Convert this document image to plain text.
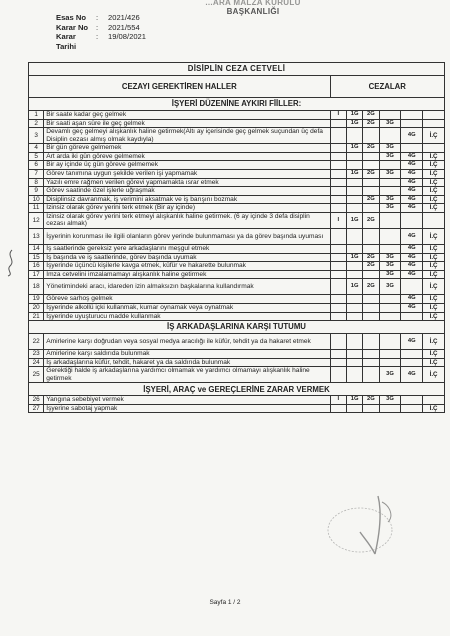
...ARA MALZA KURULU
BAŞKANLIĞI
Esas No	:	2021/426
Karar No	:	2021/554
Karar Tarihi
:	19/08/2021
DİSİPLİN CEZA CETVELİ							
CEZAYI GEREKTİREN HALLER		CEZALAR					
İŞYERİ DÜZENİNE AYKIRI FİİLLER:							
1	Bir saate kadar geç gelmek	I	1G	2G			
2	Bir saati aşan süre ile geç gelmek		1G	2G	3G		
3	Devamlı geç gelmeyi alışkanlık haline getirmek(Altı ay içerisinde geç gelmek suçundan üç defa Disiplin cezası almış olmak kaydıyla)					4G	İ.Ç
4	Bir gün göreve gelmemek		1G	2G	3G		
5	Art arda iki gün göreve gelmemek				3G	4G	İ.Ç
6	Bir ay içinde üç gün göreve gelmemek					4G	İ.Ç
7	Görev tanımına uygun şekilde verilen işi yapmamak		1G	2G	3G	4G	İ.Ç
8	Yazılı emre rağmen verilen görevi yapmamakta ısrar etmek					4G	İ.Ç
9	Görev saatinde özel işlerle uğraşmak					4G	İ.Ç
10	Disiplinsiz davranmak, iş verimini aksatmak ve iş barışını bozmak			2G	3G	4G	İ.Ç
11	İzinsiz olarak görev yerini terk etmek (Bir ay içinde)				3G	4G	İ.Ç
12	İzinsiz olarak görev yerini terk etmeyi alışkanlık haline getirmek. (6 ay içinde 3 defa disiplin cezası almak)	I	1G	2G			
13	İşyerinin korunması ile ilgili olanların görev yerinde bulunmaması ya da görev başında uyuması					4G	İ.Ç
14	İş saatlerinde gereksiz yere arkadaşlarını meşgul etmek					4G	İ.Ç
15	İş başında ve iş saatlerinde, görev başında uyumak		1G	2G	3G	4G	İ.Ç
16	İşyerinde üçüncü kişilerle kavga etmek, küfür ve hakarette bulunmak			2G	3G	4G	İ.Ç
17	İmza cetvelini imzalamamayı alışkanlık haline getirmek				3G	4G	İ.Ç
18	Yönetimindeki aracı, idareden izin almaksızın başkalarına kullandırmak		1G	2G	3G		İ.Ç
19	Göreve sarhoş gelmek					4G	İ.Ç
20	İşyerinde alkollü içki kullanmak, kumar oynamak veya oynatmak					4G	İ.Ç
21	İşyerinde uyuşturucu madde kullanmak						İ.Ç
İŞ ARKADAŞLARINA KARŞI TUTUMU							
22	Amirlerine karşı doğrudan veya sosyal medya aracılığı ile küfür, tehdit ya da hakaret etmek					4G	İ.Ç
23	Amirlerine karşı saldırıda bulunmak						İ.Ç
24	İş arkadaşlarına küfür, tehdit, hakaret ya da saldırıda bulunmak						İ.Ç
25	Gerektiği halde iş arkadaşlarına yardımcı olmamak ve yardımcı olmamayı alışkanlık haline getirmek				3G	4G	İ.Ç
İŞYERİ, ARAÇ ve GEREÇLERİNE ZARAR VERMEK							
26	Yangına sebebiyet vermek	I	1G	2G	3G		
27	İşyerine sabotaj yapmak						İ.Ç
Sayfa 1 / 2
